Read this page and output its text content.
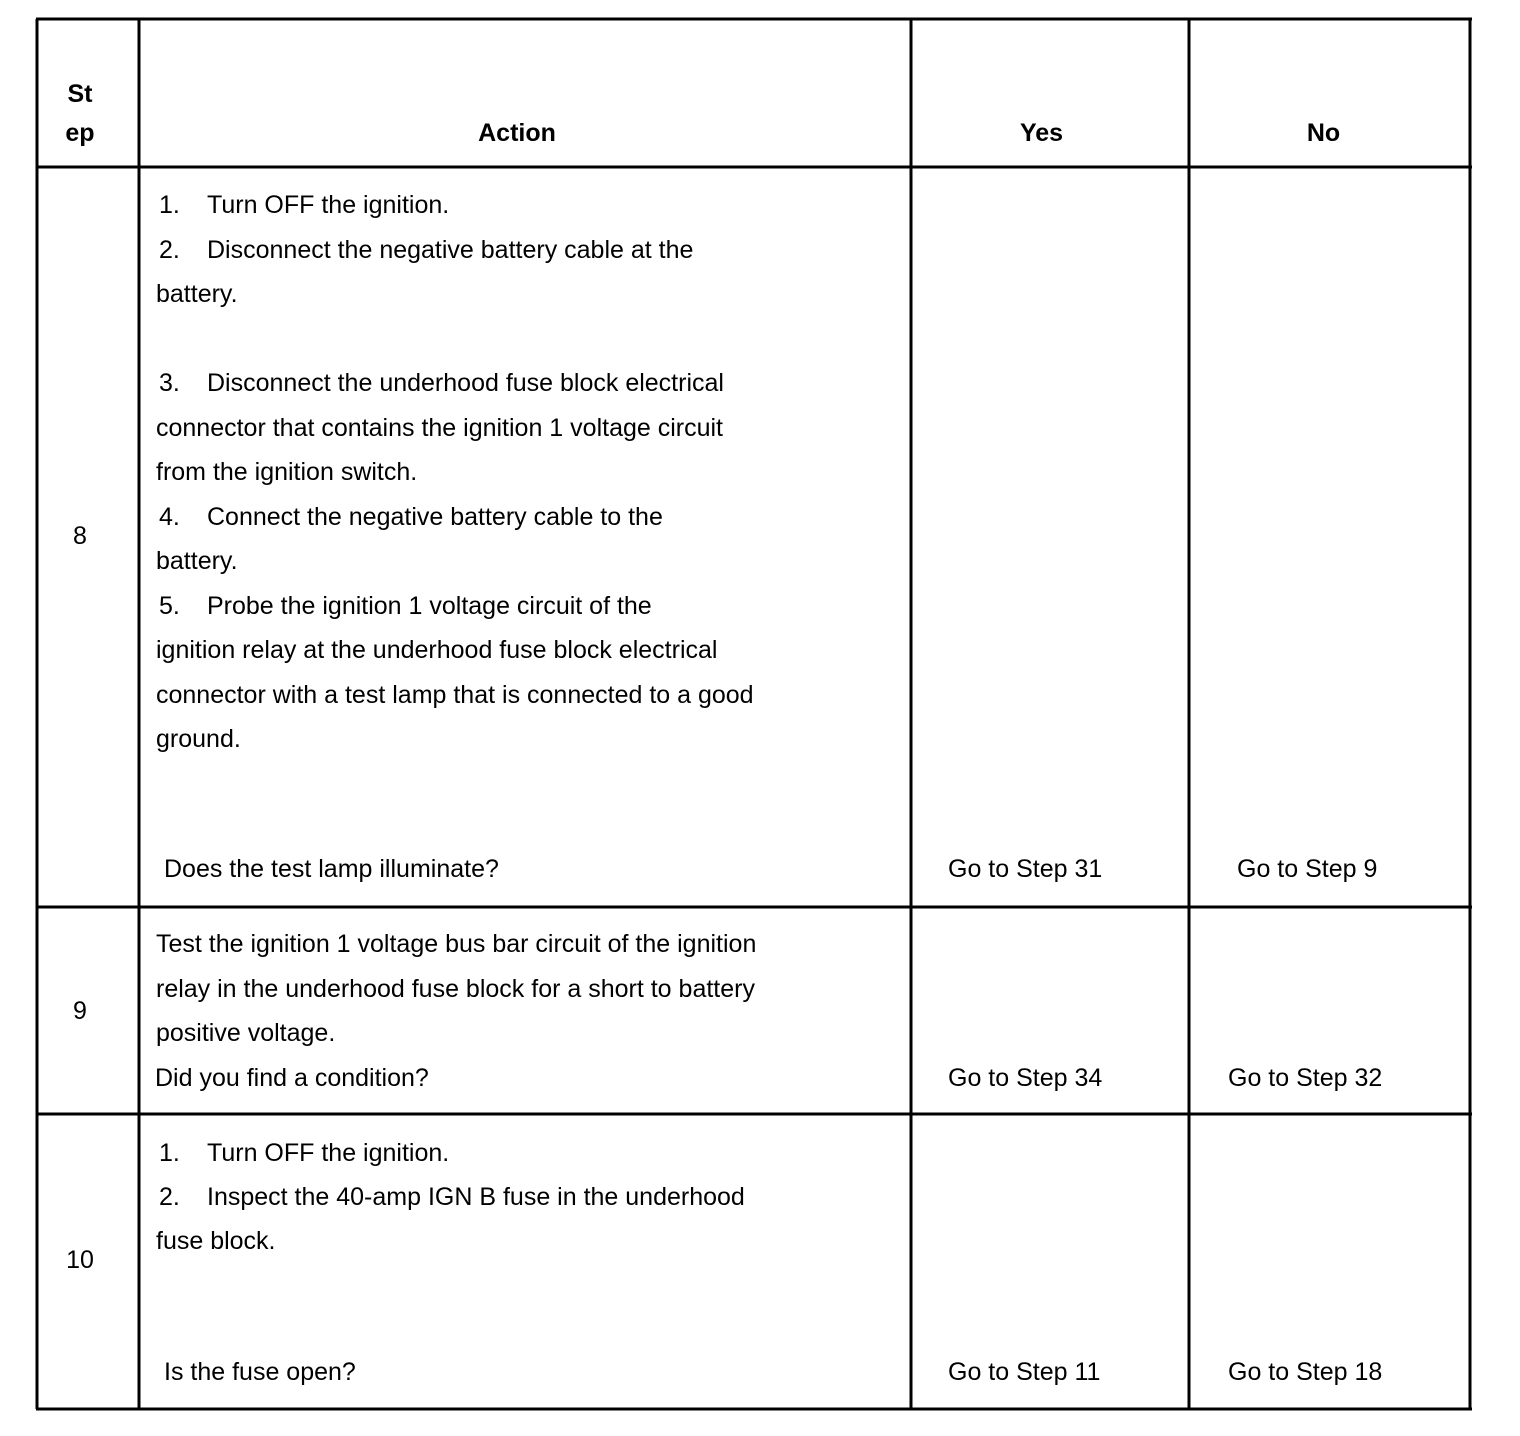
St
ep	Action	Yes	No
8
1. Turn OFF the ignition.
2. Disconnect the negative battery cable at the
battery.
3. Disconnect the underhood fuse block electrical
connector that contains the ignition 1 voltage circuit
from the ignition switch.
4. Connect the negative battery cable to the
battery.
5. Probe the ignition 1 voltage circuit of the
ignition relay at the underhood fuse block electrical
connector with a test lamp that is connected to a good
ground.
Does the test lamp illuminate?	Go to Step 31	Go to Step 9
9
Test the ignition 1 voltage bus bar circuit of the ignition
relay in the underhood fuse block for a short to battery
positive voltage.
Did you find a condition?	Go to Step 34	Go to Step 32
10
1. Turn OFF the ignition.
2. Inspect the 40-amp IGN B fuse in the underhood
fuse block.
Is the fuse open?	Go to Step 11	Go to Step 18
